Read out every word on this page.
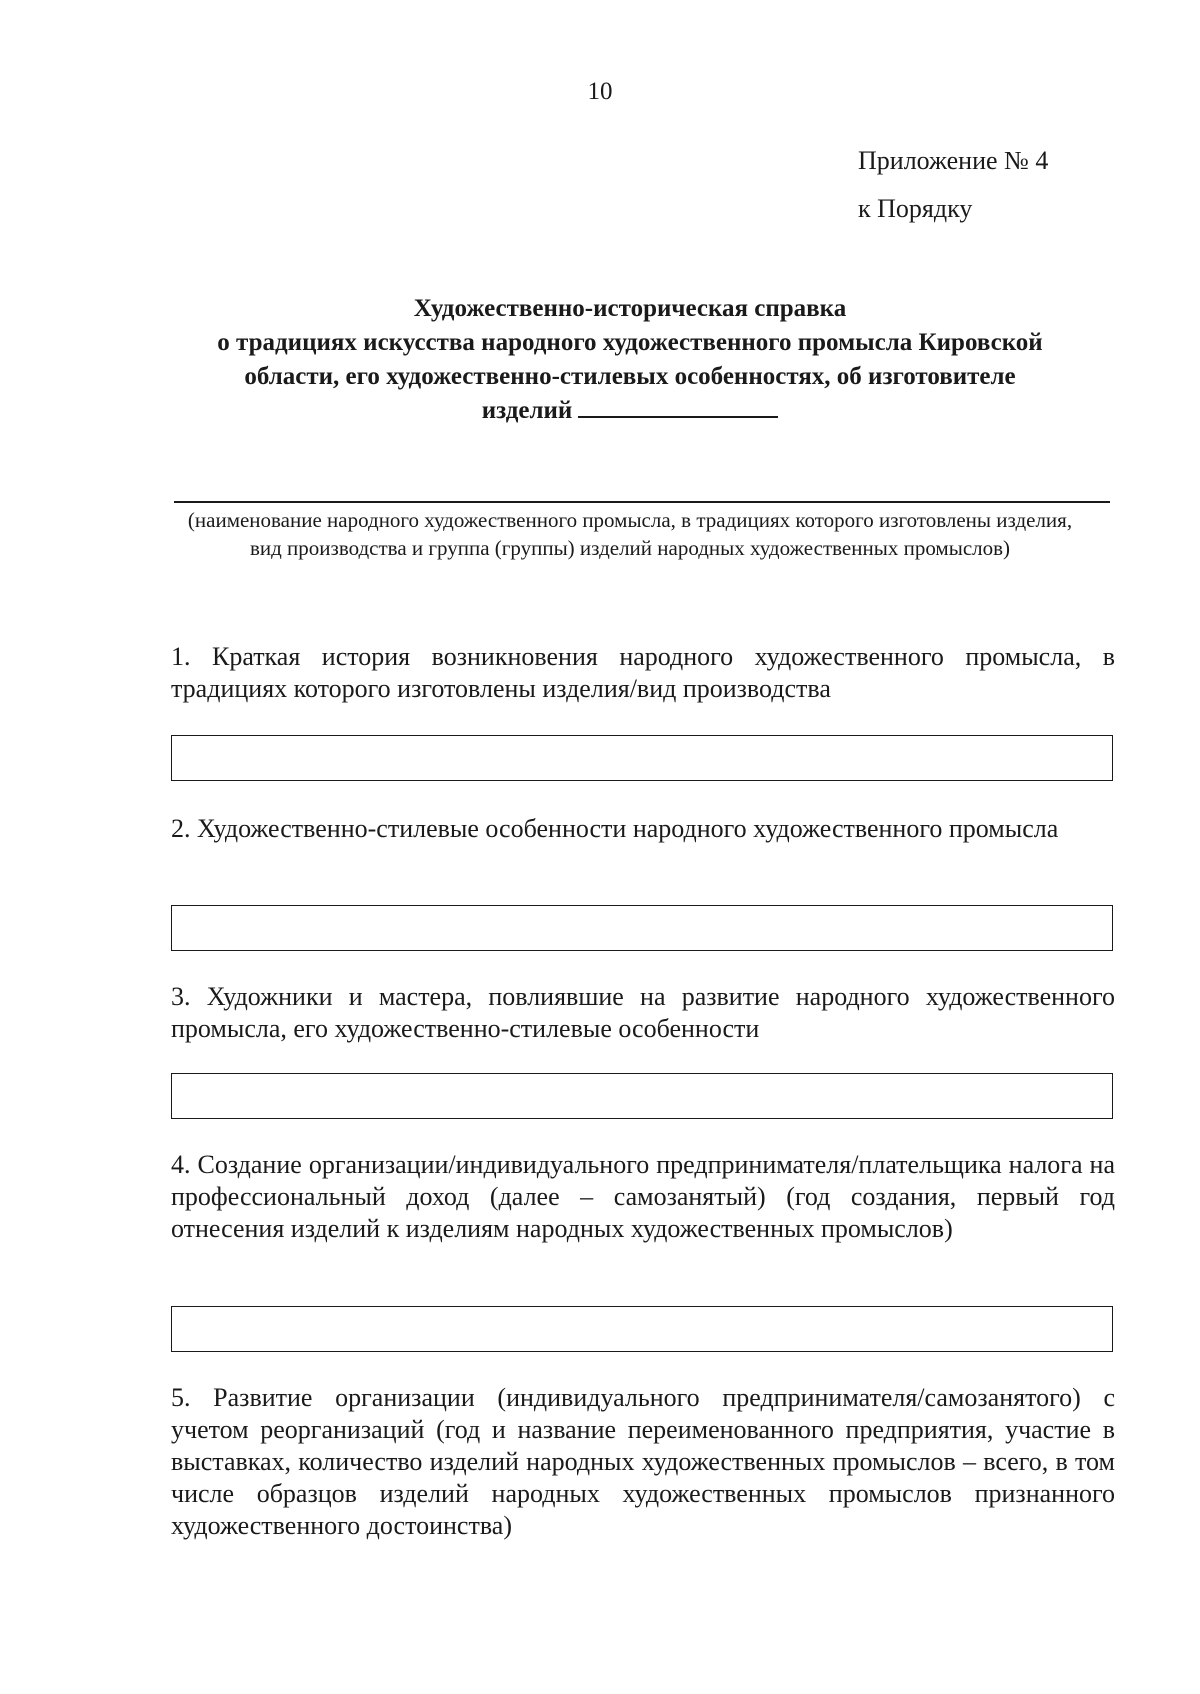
10
Приложение № 4
к Порядку
Художественно-историческая справка
о традициях искусства народного художественного промысла Кировской
области, его художественно-стилевых особенностях, об изготовителе
изделий
(наименование народного художественного промысла, в традициях которого изготовлены изделия, вид производства и группа (группы) изделий народных художественных промыслов)
1. Краткая история возникновения народного художественного промысла, в традициях которого изготовлены изделия/вид производства
2. Художественно-стилевые особенности народного художественного промысла
3. Художники и мастера, повлиявшие на развитие народного художественного промысла, его художественно-стилевые особенности
4. Создание организации/индивидуального предпринимателя/плательщика налога на профессиональный доход (далее – самозанятый) (год создания, первый год отнесения изделий к изделиям народных художественных промыслов)
5. Развитие организации (индивидуального предпринимателя/самозанятого) с учетом реорганизаций (год и название переименованного предприятия, участие в выставках, количество изделий народных художественных промыслов – всего, в том числе образцов изделий народных художественных промыслов признанного художественного достоинства)
